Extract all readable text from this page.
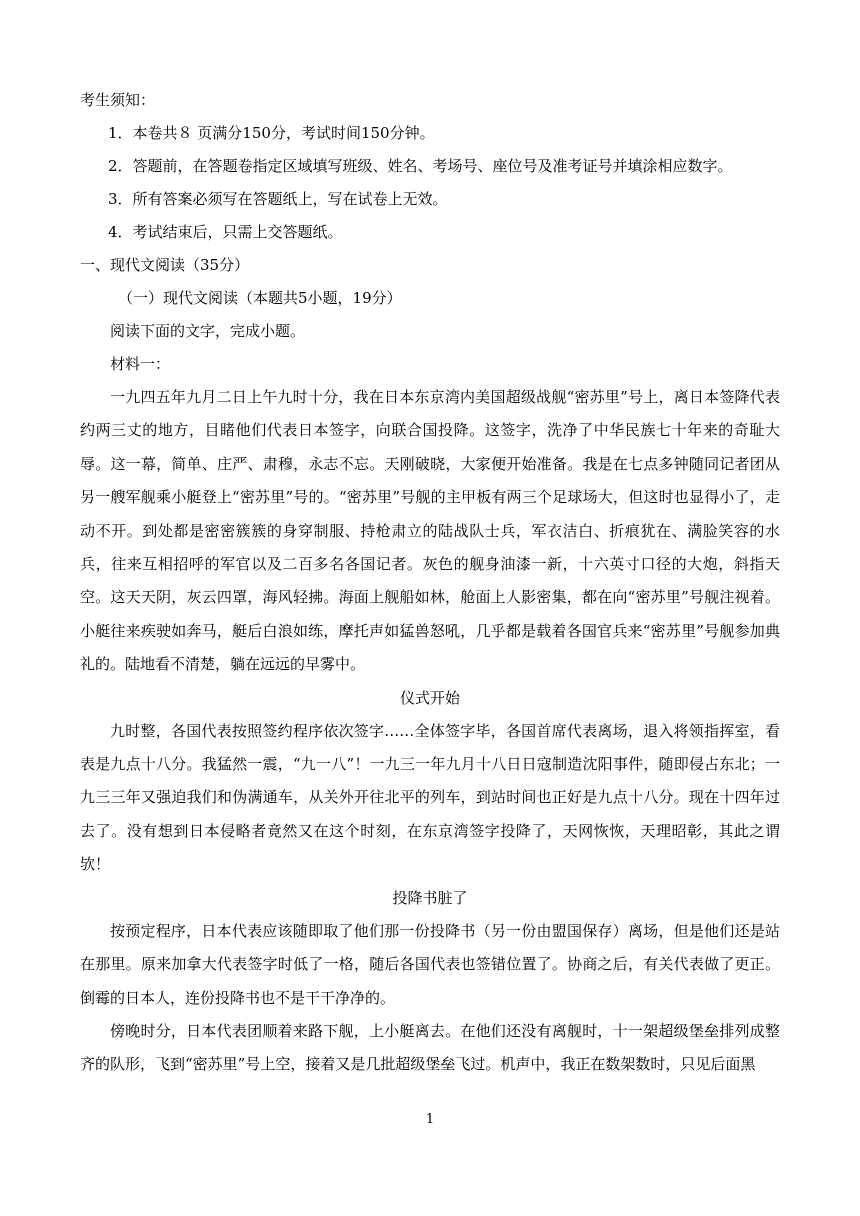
考生须知：
1．本卷共８ 页满分150分，考试时间150分钟。
2．答题前，在答题卷指定区域填写班级、姓名、考场号、座位号及准考证号并填涂相应数字。
3．所有答案必须写在答题纸上，写在试卷上无效。
4．考试结束后，只需上交答题纸。
一、现代文阅读（35分）
（一）现代文阅读（本题共5小题，19分）
阅读下面的文字，完成小题。
材料一：

一九四五年九月二日上午九时十分，我在日本东京湾内美国超级战舰“密苏里”号上，离日本签降代表约两三丈的地方，目睹他们代表日本签字，向联合国投降。这签字，洗净了中华民族七十年来的奇耻大辱。这一幕，简单、庄严、肃穆，永志不忘。天刚破晓，大家便开始准备。我是在七点多钟随同记者团从另一艘军舰乘小艇登上“密苏里”号的。“密苏里”号舰的主甲板有两三个足球场大，但这时也显得小了，走动不开。到处都是密密簇簇的身穿制服、持枪肃立的陆战队士兵，军衣洁白、折痕犹在、满脸笑容的水兵，往来互相招呼的军官以及二百多名各国记者。灰色的舰身油漆一新，十六英寸口径的大炮，斜指天空。这天天阴，灰云四罩，海风轻拂。海面上舰船如林，舱面上人影密集，都在向“密苏里”号舰注视着。小艇往来疾驶如奔马，艇后白浪如练，摩托声如猛兽怒吼，几乎都是载着各国官兵来“密苏里”号舰参加典礼的。陆地看不清楚，躺在远远的早雾中。

仪式开始

九时整，各国代表按照签约程序依次签字……全体签字毕，各国首席代表离场，退入将领指挥室，看表是九点十八分。我猛然一震，“九一八”！一九三一年九月十八日日寇制造沈阳事件，随即侵占东北；一九三三年又强迫我们和伪满通车，从关外开往北平的列车，到站时间也正好是九点十八分。现在十四年过去了。没有想到日本侵略者竟然又在这个时刻，在东京湾签字投降了，天网恢恢，天理昭彰，其此之谓欤！

投降书脏了

按预定程序，日本代表应该随即取了他们那一份投降书（另一份由盟国保存）离场，但是他们还是站在那里。原来加拿大代表签字时低了一格，随后各国代表也签错位置了。协商之后，有关代表做了更正。倒霉的日本人，连份投降书也不是干干净净的。

傍晚时分，日本代表团顺着来路下舰，上小艇离去。在他们还没有离舰时，十一架超级堡垒排列成整齐的队形，飞到“密苏里”号上空，接着又是几批超级堡垒飞过。机声中，我正在数架数时，只见后面黑

1
